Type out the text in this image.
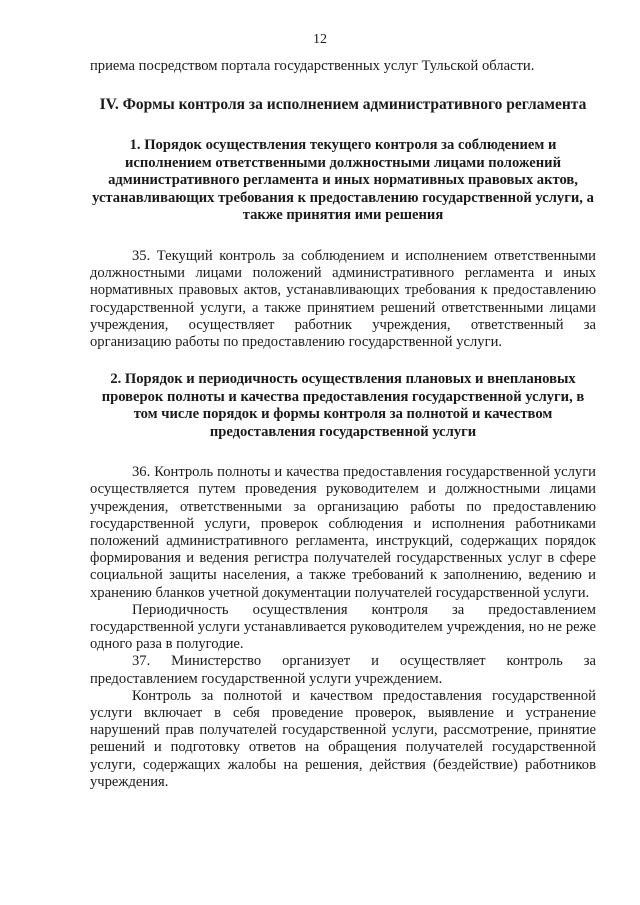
12

приема посредством портала государственных услуг Тульской области.

IV. Формы контроля за исполнением административного регламента
1. Порядок осуществления текущего контроля за соблюдением и исполнением ответственными должностными лицами положений административного регламента и иных нормативных правовых актов, устанавливающих требования к предоставлению государственной услуги, а также принятия ими решения

35. Текущий контроль за соблюдением и исполнением ответственными должностными лицами положений административного регламента и иных нормативных правовых актов, устанавливающих требования к предоставлению государственной услуги, а также принятием решений ответственными лицами учреждения, осуществляет работник учреждения, ответственный за организацию работы по предоставлению государственной услуги.

2. Порядок и периодичность осуществления плановых и внеплановых проверок полноты и качества предоставления государственной услуги, в том числе порядок и формы контроля за полнотой и качеством предоставления государственной услуги

36. Контроль полноты и качества предоставления государственной услуги осуществляется путем проведения руководителем и должностными лицами учреждения, ответственными за организацию работы по предоставлению государственной услуги, проверок соблюдения и исполнения работниками положений административного регламента, инструкций, содержащих порядок формирования и ведения регистра получателей государственных услуг в сфере социальной защиты населения, а также требований к заполнению, ведению и хранению бланков учетной документации получателей государственной услуги.

Периодичность осуществления контроля за предоставлением государственной услуги устанавливается руководителем учреждения, но не реже одного раза в полугодие.

37. Министерство организует и осуществляет контроль за предоставлением государственной услуги учреждением.

Контроль за полнотой и качеством предоставления государственной услуги включает в себя проведение проверок, выявление и устранение нарушений прав получателей государственной услуги, рассмотрение, принятие решений и подготовку ответов на обращения получателей государственной услуги, содержащих жалобы на решения, действия (бездействие) работников учреждения.
